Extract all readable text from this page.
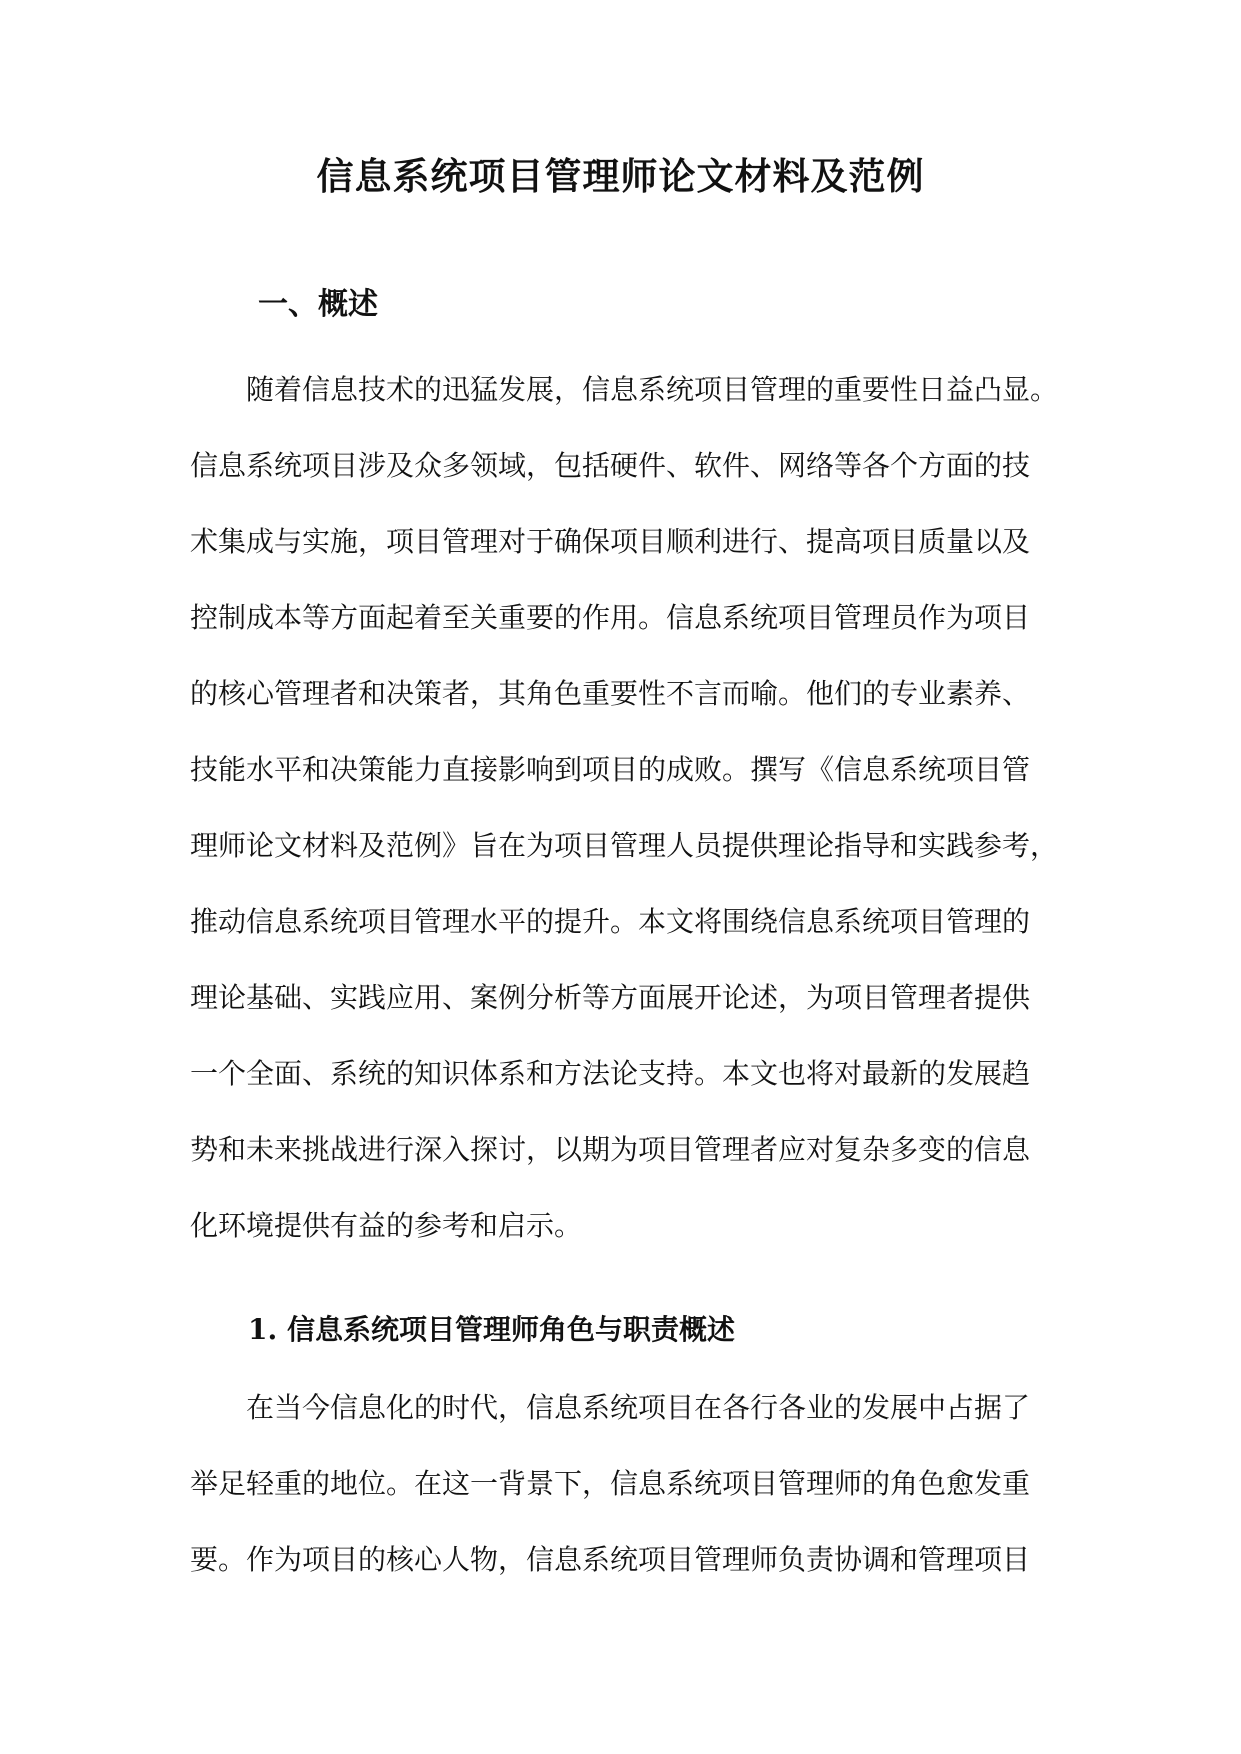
信息系统项目管理师论文材料及范例
一、概述
随着信息技术的迅猛发展，信息系统项目管理的重要性日益凸显。
信息系统项目涉及众多领域，包括硬件、软件、网络等各个方面的技
术集成与实施，项目管理对于确保项目顺利进行、提高项目质量以及
控制成本等方面起着至关重要的作用。信息系统项目管理员作为项目
的核心管理者和决策者，其角色重要性不言而喻。他们的专业素养、
技能水平和决策能力直接影响到项目的成败。撰写《信息系统项目管
理师论文材料及范例》旨在为项目管理人员提供理论指导和实践参考，
推动信息系统项目管理水平的提升。本文将围绕信息系统项目管理的
理论基础、实践应用、案例分析等方面展开论述，为项目管理者提供
一个全面、系统的知识体系和方法论支持。本文也将对最新的发展趋
势和未来挑战进行深入探讨，以期为项目管理者应对复杂多变的信息
化环境提供有益的参考和启示。
1. 信息系统项目管理师角色与职责概述
在当今信息化的时代，信息系统项目在各行各业的发展中占据了
举足轻重的地位。在这一背景下，信息系统项目管理师的角色愈发重
要。作为项目的核心人物，信息系统项目管理师负责协调和管理项目
